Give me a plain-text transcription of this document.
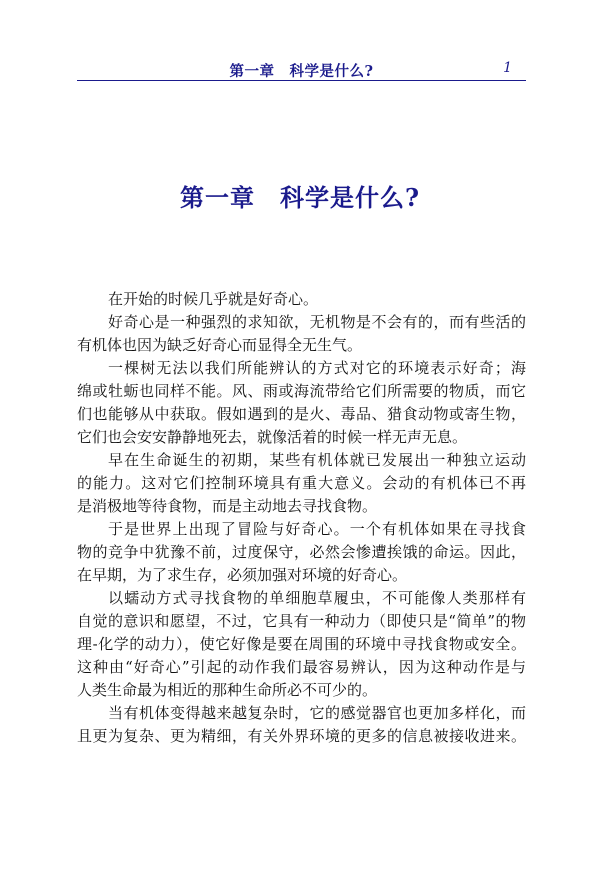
第一章　科学是什么?	1
第一章　科学是什么?
在开始的时候几乎就是好奇心。
好奇心是一种强烈的求知欲，无机物是不会有的，而有些活的
有机体也因为缺乏好奇心而显得全无生气。
一棵树无法以我们所能辨认的方式对它的环境表示好奇；海
绵或牡蛎也同样不能。风、雨或海流带给它们所需要的物质，而它
们也能够从中获取。假如遇到的是火、毒品、猎食动物或寄生物，
它们也会安安静静地死去，就像活着的时候一样无声无息。
早在生命诞生的初期，某些有机体就已发展出一种独立运动
的能力。这对它们控制环境具有重大意义。会动的有机体已不再
是消极地等待食物，而是主动地去寻找食物。
于是世界上出现了冒险与好奇心。一个有机体如果在寻找食
物的竞争中犹豫不前，过度保守，必然会惨遭挨饿的命运。因此，
在早期，为了求生存，必须加强对环境的好奇心。
以蠕动方式寻找食物的单细胞草履虫，不可能像人类那样有
自觉的意识和愿望，不过，它具有一种动力（即使只是“简单”的物
理-化学的动力），使它好像是要在周围的环境中寻找食物或安全。
这种由“好奇心”引起的动作我们最容易辨认，因为这种动作是与
人类生命最为相近的那种生命所必不可少的。
当有机体变得越来越复杂时，它的感觉器官也更加多样化，而
且更为复杂、更为精细，有关外界环境的更多的信息被接收进来。
